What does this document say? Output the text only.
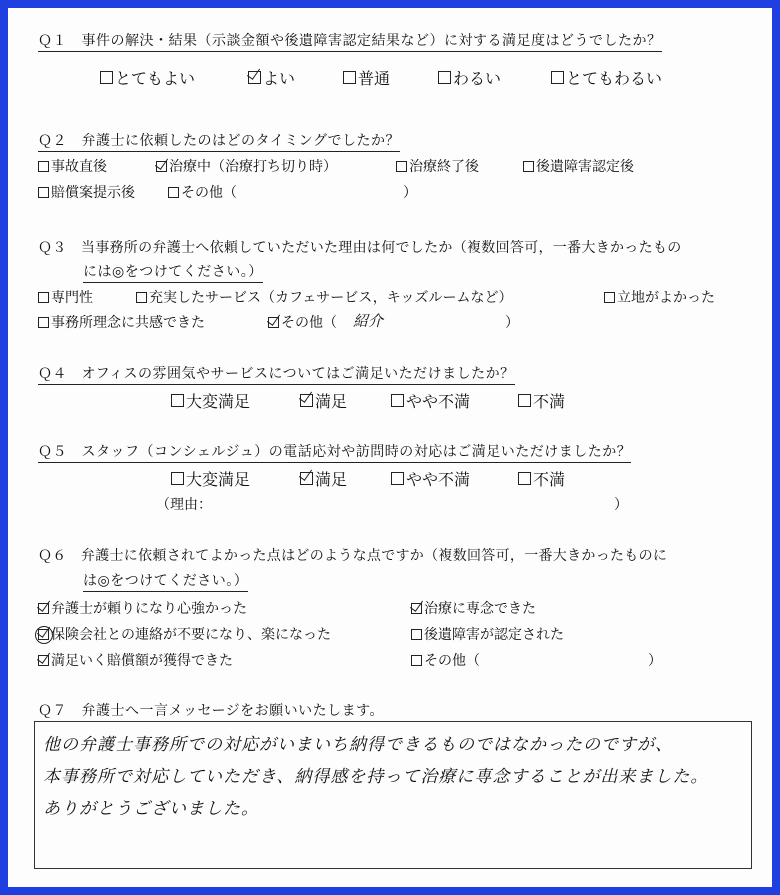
Ｑ１　事件の解決・結果（示談金額や後遺障害認定結果など）に対する満足度はどうでしたか？
とてもよい	よい	普通	わるい	とてもわるい
Ｑ２　弁護士に依頼したのはどのタイミングでしたか？
事故直後	治療中（治療打ち切り時）	治療終了後	後遺障害認定後
賠償案提示後	その他（	）
Ｑ３　当事務所の弁護士へ依頼していただいた理由は何でしたか（複数回答可，一番大きかったもの
には◎をつけてください。）
専門性	充実したサービス（カフェサービス，キッズルームなど）	立地がよかった
事務所理念に共感できた	その他（ 紹介	）
Ｑ４　オフィスの雰囲気やサービスについてはご満足いただけましたか？
大変満足	満足	やや不満	不満
Ｑ５　スタッフ（コンシェルジュ）の電話応対や訪問時の対応はご満足いただけましたか？
大変満足	満足	やや不満	不満
（理由：	）
Ｑ６　弁護士に依頼されてよかった点はどのような点ですか（複数回答可，一番大きかったものに
は◎をつけてください。）
弁護士が頼りになり心強かった	治療に専念できた
保険会社との連絡が不要になり、楽になった	後遺障害が認定された
満足いく賠償額が獲得できた	その他（	）
Ｑ７　弁護士へ一言メッセージをお願いいたします。
他の弁護士事務所での対応がいまいち納得できるものではなかったのですが、
本事務所で対応していただき、納得感を持って治療に専念することが出来ました。
ありがとうございました。
